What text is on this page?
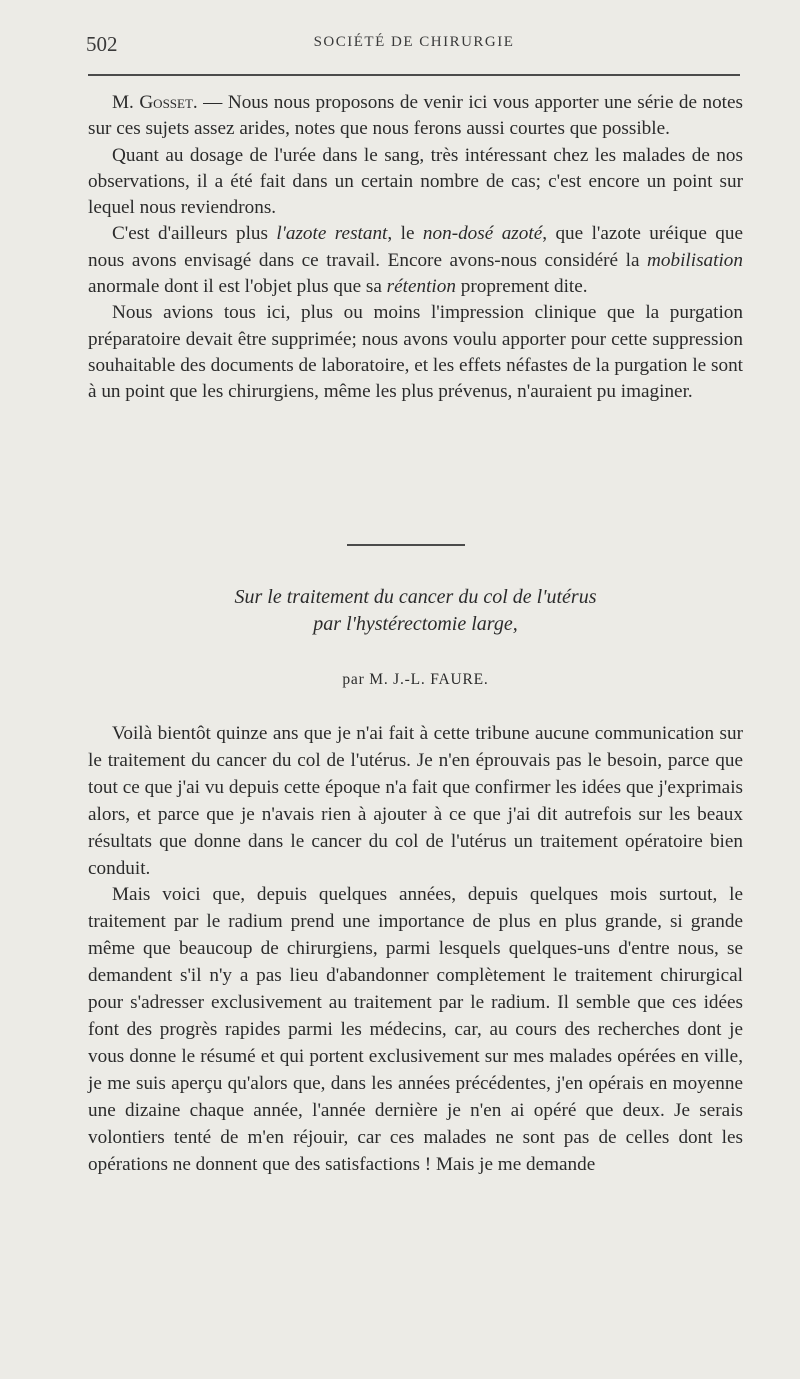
502	SOCIÉTÉ DE CHIRURGIE

M. Gosset. — Nous nous proposons de venir ici vous apporter une série de notes sur ces sujets assez arides, notes que nous ferons aussi courtes que possible.

Quant au dosage de l'urée dans le sang, très intéressant chez les malades de nos observations, il a été fait dans un certain nombre de cas; c'est encore un point sur lequel nous reviendrons.

C'est d'ailleurs plus l'azote restant, le non-dosé azoté, que l'azote uréique que nous avons envisagé dans ce travail. Encore avons-nous considéré la mobilisation anormale dont il est l'objet plus que sa rétention proprement dite.

Nous avions tous ici, plus ou moins l'impression clinique que la purgation préparatoire devait être supprimée; nous avons voulu apporter pour cette suppression souhaitable des documents de laboratoire, et les effets néfastes de la purgation le sont à un point que les chirurgiens, même les plus prévenus, n'auraient pu imaginer.

Sur le traitement du cancer du col de l'utérus
par l'hystérectomie large,
par M. J.-L. FAURE.

Voilà bientôt quinze ans que je n'ai fait à cette tribune aucune communication sur le traitement du cancer du col de l'utérus. Je n'en éprouvais pas le besoin, parce que tout ce que j'ai vu depuis cette époque n'a fait que confirmer les idées que j'exprimais alors, et parce que je n'avais rien à ajouter à ce que j'ai dit autrefois sur les beaux résultats que donne dans le cancer du col de l'utérus un traitement opératoire bien conduit.

Mais voici que, depuis quelques années, depuis quelques mois surtout, le traitement par le radium prend une importance de plus en plus grande, si grande même que beaucoup de chirurgiens, parmi lesquels quelques-uns d'entre nous, se demandent s'il n'y a pas lieu d'abandonner complètement le traitement chirurgical pour s'adresser exclusivement au traitement par le radium. Il semble que ces idées font des progrès rapides parmi les médecins, car, au cours des recherches dont je vous donne le résumé et qui portent exclusivement sur mes malades opérées en ville, je me suis aperçu qu'alors que, dans les années précédentes, j'en opérais en moyenne une dizaine chaque année, l'année dernière je n'en ai opéré que deux. Je serais volontiers tenté de m'en réjouir, car ces malades ne sont pas de celles dont les opérations ne donnent que des satisfactions ! Mais je me demande
